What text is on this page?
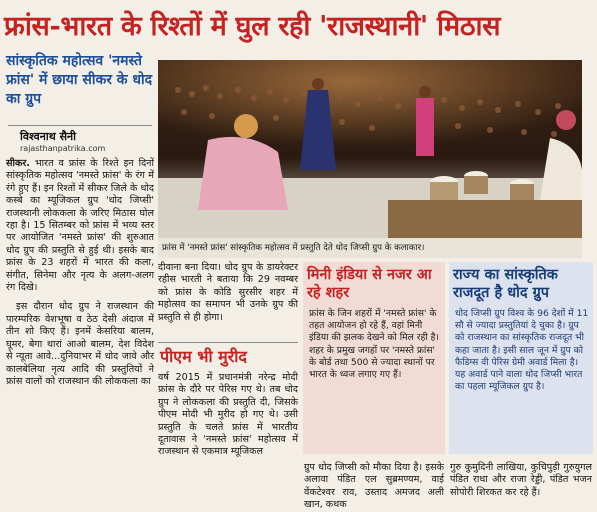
फ्रांस-भारत के रिश्तों में घुल रही 'राजस्थानी' मिठास
सांस्कृतिक महोत्सव 'नमस्ते फ्रांस' में छाया सीकर के धोद का ग्रुप
विश्वनाथ सैनी
rajasthanpatrika.com

सीकर. भारत व फ्रांस के रिश्ते इन दिनों सांस्कृतिक महोत्सव 'नमस्ते फ्रांस' के रंग में रंगे हुए हैं। इन रिश्तों में सीकर जिले के धोद कस्बे का म्यूजिकल ग्रुप 'धोद जिप्सी' राजस्थानी लोककला के जरिए मिठास घोल रहा है। 15 सितम्बर को फ्रांस में भव्य स्तर पर आयोजित 'नमस्ते फ्रांस' की शुरुआत धोद ग्रुप की प्रस्तुति से हुई थी। इसके बाद फ्रांस के 23 शहरों में भारत की कला, संगीत, सिनेमा और नृत्य के अलग-अलग रंग दिखे।

इस दौरान धोद ग्रुप ने राजस्थान की पारम्परिक वेशभूषा व ठेठ देसी अंदाज में तीन शो किए हैं। इनमें केसरिया बालम, घूमर, बेगा थारां आओ बालम, देश विदेश से न्यूता आवे...दुनियाभर में धोद जावे और कालबेलिया नृत्य आदि की प्रस्तुतियों ने फ्रांस वालों को राजस्थान की लोककला का

फ्रांस में 'नमस्ते फ्रांस' सांस्कृतिक महोत्सव में प्रस्तुति देते धोद जिप्सी ग्रुप के कलाकार।

दीवाना बना दिया। धोद ग्रुप के डायरेक्टर रहीस भारती ने बताया कि 29 नवम्बर को फ्रांस के कोडि सुरसीर शहर में महोत्सव का समापन भी उनके ग्रुप की प्रस्तुति से ही होगा।

पीएम भी मुरीद

वर्ष 2015 में प्रधानमंत्री नरेन्द्र मोदी फ्रांस के दौरे पर पेरिस गए थे। तब धोद ग्रुप ने लोककला की प्रस्तुति दी, जिसके पीएम मोदी भी मुरीद हो गए थे। उसी प्रस्तुति के चलते फ्रांस में भारतीय दूतावास ने 'नमस्ते फ्रांस' महोत्सव में राजस्थान से एकमात्र म्यूजिकल

मिनी इंडिया से नजर आ रहे शहर
फ्रांस के जिन शहरों में 'नमस्ते फ्रांस' के तहत आयोजन हो रहे हैं, वहां मिनी इंडिया की झलक देखने को मिल रही है। शहर के प्रमुख जगहों पर 'नमस्ते फ्रांस' के बोर्ड तथा 500 से ज्यादा स्थानों पर भारत के ध्वज लगाए गए हैं।
राज्य का सांस्कृतिक राजदूत है धोद ग्रुप
धोद जिप्सी ग्रुप विश्व के 96 देशों में 11 सौ से ज्यादा प्रस्तुतियां दे चुका है। ग्रुप को राजस्थान का सांस्कृतिक राजदूत भी कहा जाता है। इसी साल जून में ग्रुप को फैडिग्स वी पेरिस ग्रेमी अवार्ड मिला है। यह अवार्ड पाने वाला धोद जिप्सी भारत का पहला म्यूजिकल ग्रुप है।

ग्रुप धोद जिप्सी को मौका दिया है। इसके अलावा पंडित एल सुब्रमण्यम, वाई वेंकटेश्वर राव, उस्ताद अमजद अली खान, कथक

गुरु कुमुदिनी लाखिया, कुचिपुड़ी गुरुयुगल पंडित राधा और राजा रेड्डी, पंडित भजन सोपोरी शिरकत कर रहे हैं।
